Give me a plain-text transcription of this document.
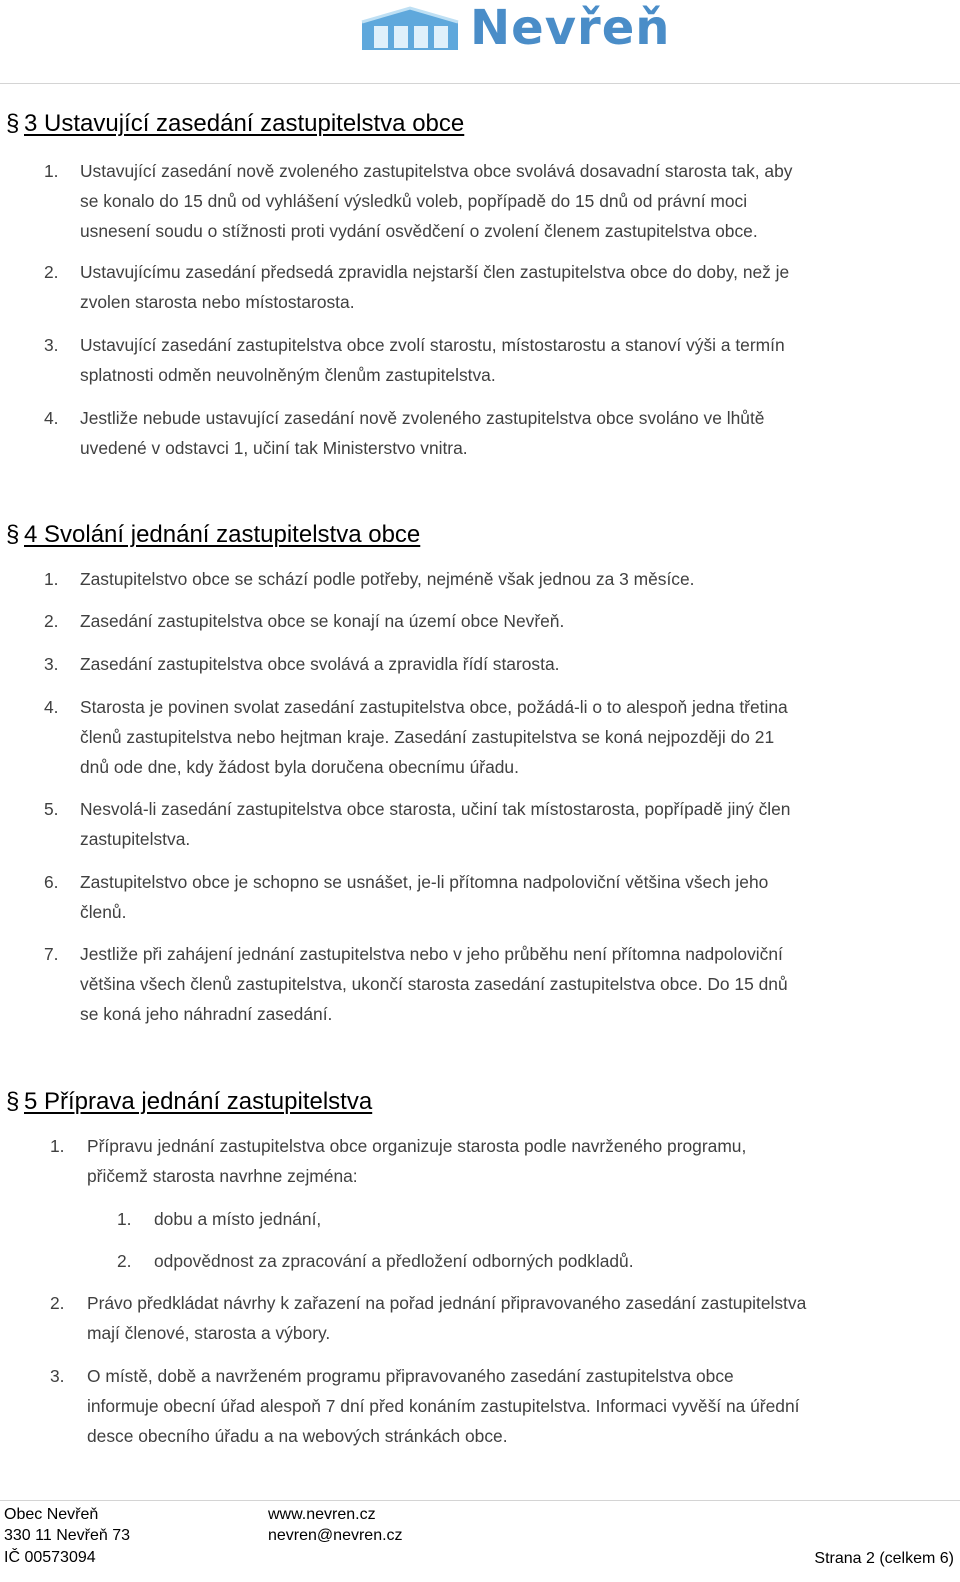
Nevřeň
§ 3 Ustavující zasedání zastupitelstva obce
1. Ustavující zasedání nově zvoleného zastupitelstva obce svolává dosavadní starosta tak, aby
se konalo do 15 dnů od vyhlášení výsledků voleb, popřípadě do 15 dnů od právní moci
usnesení soudu o stížnosti proti vydání osvědčení o zvolení členem zastupitelstva obce.
2. Ustavujícímu zasedání předsedá zpravidla nejstarší člen zastupitelstva obce do doby, než je
zvolen starosta nebo místostarosta.
3. Ustavující zasedání zastupitelstva obce zvolí starostu, místostarostu a stanoví výši a termín
splatnosti odměn neuvolněným členům zastupitelstva.
4. Jestliže nebude ustavující zasedání nově zvoleného zastupitelstva obce svoláno ve lhůtě
uvedené v odstavci 1, učiní tak Ministerstvo vnitra.
§ 4 Svolání jednání zastupitelstva obce
1. Zastupitelstvo obce se schází podle potřeby, nejméně však jednou za 3 měsíce.
2. Zasedání zastupitelstva obce se konají na území obce Nevřeň.
3. Zasedání zastupitelstva obce svolává a zpravidla řídí starosta.
4. Starosta je povinen svolat zasedání zastupitelstva obce, požádá-li o to alespoň jedna třetina
členů zastupitelstva nebo hejtman kraje. Zasedání zastupitelstva se koná nejpozději do 21
dnů ode dne, kdy žádost byla doručena obecnímu úřadu.
5. Nesvolá-li zasedání zastupitelstva obce starosta, učiní tak místostarosta, popřípadě jiný člen
zastupitelstva.
6. Zastupitelstvo obce je schopno se usnášet, je-li přítomna nadpoloviční většina všech jeho
členů.
7. Jestliže při zahájení jednání zastupitelstva nebo v jeho průběhu není přítomna nadpoloviční
většina všech členů zastupitelstva, ukončí starosta zasedání zastupitelstva obce. Do 15 dnů
se koná jeho náhradní zasedání.
§ 5 Příprava jednání zastupitelstva
1. Přípravu jednání zastupitelstva obce organizuje starosta podle navrženého programu,
přičemž starosta navrhne zejména:
1. dobu a místo jednání,
2. odpovědnost za zpracování a předložení odborných podkladů.
2. Právo předkládat návrhy k zařazení na pořad jednání připravovaného zasedání zastupitelstva
mají členové, starosta a výbory.
3. O místě, době a navrženém programu připravovaného zasedání zastupitelstva obce
informuje obecní úřad alespoň 7 dní před konáním zastupitelstva. Informaci vyvěší na úřední
desce obecního úřadu a na webových stránkách obce.
Obec Nevřeň
330 11 Nevřeň 73
IČ 00573094
www.nevren.cz
nevren@nevren.cz
Strana 2 (celkem 6)
